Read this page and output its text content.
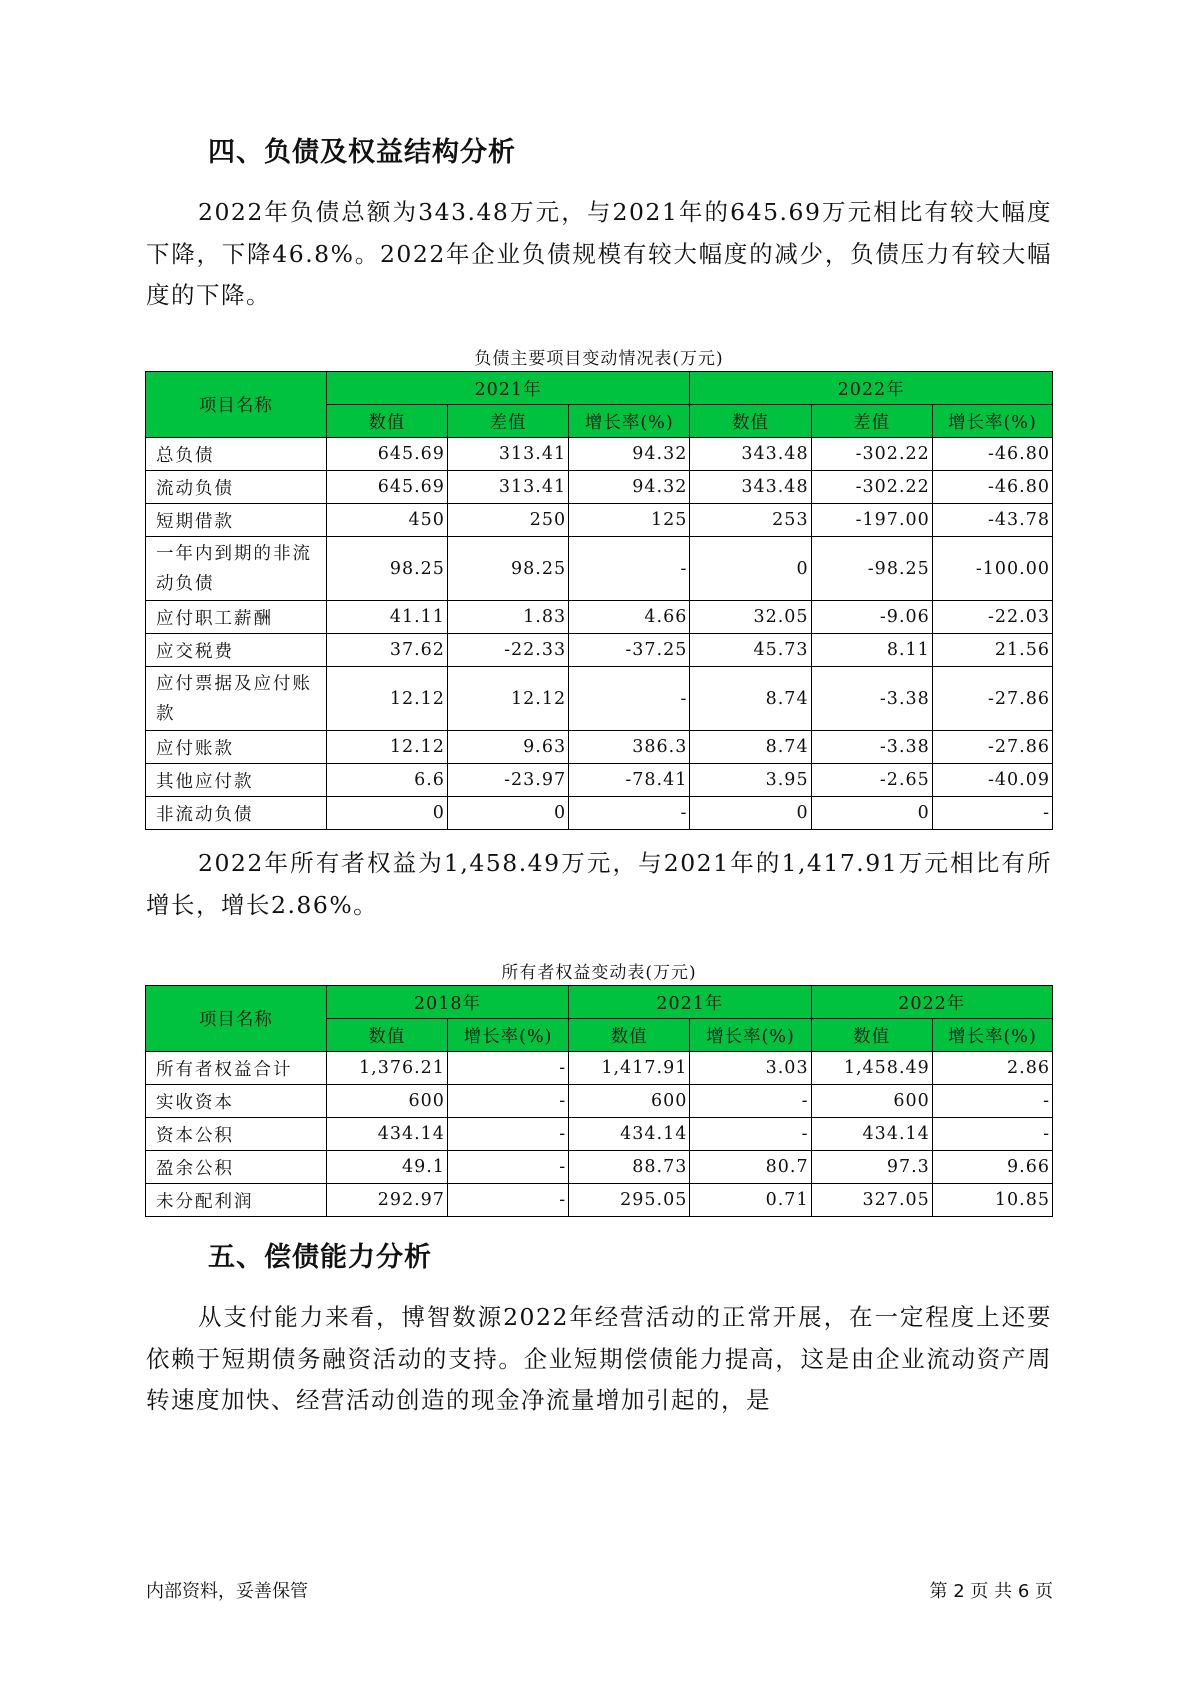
四、负债及权益结构分析

2022年负债总额为343.48万元，与2021年的645.69万元相比有较大幅度下降，下降46.8%。2022年企业负债规模有较大幅度的减少，负债压力有较大幅度的下降。

负债主要项目变动情况表(万元)

项目名称	2021年			2022年		
	数值	差值	增长率(%)	数值	差值	增长率(%)
总负债	645.69	313.41	94.32	343.48	-302.22	-46.80
流动负债	645.69	313.41	94.32	343.48	-302.22	-46.80
短期借款	450	250	125	253	-197.00	-43.78
一年内到期的非流动负债	98.25	98.25	-	0	-98.25	-100.00
应付职工薪酬	41.11	1.83	4.66	32.05	-9.06	-22.03
应交税费	37.62	-22.33	-37.25	45.73	8.11	21.56
应付票据及应付账款	12.12	12.12	-	8.74	-3.38	-27.86
应付账款	12.12	9.63	386.3	8.74	-3.38	-27.86
其他应付款	6.6	-23.97	-78.41	3.95	-2.65	-40.09
非流动负债	0	0	-	0	0	-

2022年所有者权益为1,458.49万元，与2021年的1,417.91万元相比有所增长，增长2.86%。

所有者权益变动表(万元)

项目名称	2018年		2021年		2022年	
	数值	增长率(%)	数值	增长率(%)	数值	增长率(%)
所有者权益合计	1,376.21	-	1,417.91	3.03	1,458.49	2.86
实收资本	600	-	600	-	600	-
资本公积	434.14	-	434.14	-	434.14	-
盈余公积	49.1	-	88.73	80.7	97.3	9.66
未分配利润	292.97	-	295.05	0.71	327.05	10.85
五、偿债能力分析

从支付能力来看，博智数源2022年经营活动的正常开展，在一定程度上还要依赖于短期债务融资活动的支持。企业短期偿债能力提高，这是由企业流动资产周转速度加快、经营活动创造的现金净流量增加引起的，是

内部资料，妥善保管	第 2 页 共 6 页
